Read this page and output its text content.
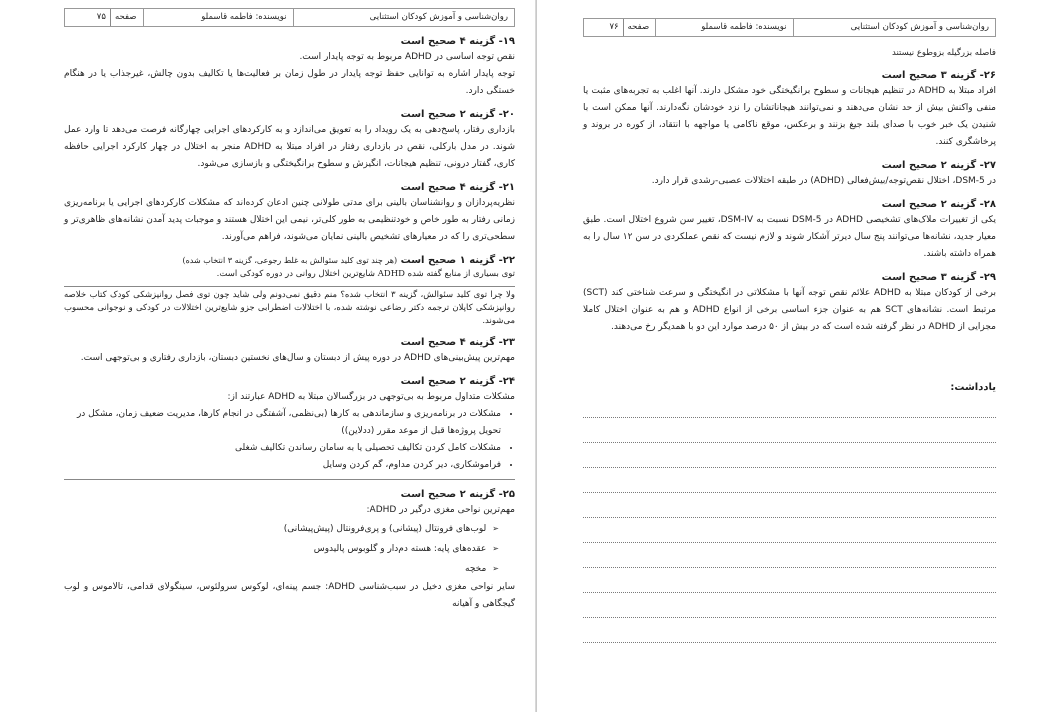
روان‌شناسی و آموزش کودکان استثنایی
نویسنده: فاطمه قاسملو
صفحه۷۵
۱۹- گزینه ۴ صحیح است
نقص توجه اساسی در ADHD مربوط به توجه پایدار است.
توجه پایدار اشاره به توانایی حفظ توجه پایدار در طول زمان بر فعالیت‌ها یا تکالیف بدون چالش، غیرجذاب یا در هنگام خستگی دارد.
۲۰- گزینه ۲ صحیح است
بازداری رفتار، پاسخ‌دهی به یک رویداد را به تعویق می‌اندازد و به کارکردهای اجرایی چهارگانه فرصت می‌دهد تا وارد عمل شوند. در مدل بارکلی، نقص در بازداری رفتار در افراد مبتلا به ADHD منجر به اختلال در چهار کارکرد اجرایی حافظه کاری، گفتار درونی، تنظیم هیجانات، انگیزش و سطوح برانگیختگی و بازسازی می‌شود.
۲۱- گزینه ۴ صحیح است
نظریه‌پردازان و روانشناسان بالینی برای مدتی طولانی چنین ادعان کرده‌اند که مشکلات کارکردهای اجرایی یا برنامه‌ریزی زمانی رفتار به طور خاص و خودتنظیمی به طور کلی‌تر، نیمی این اختلال هستند و موجبات پدید آمدن نشانه‌های ظاهری‌تر و سطحی‌تری را که در معیارهای تشخیص بالینی نمایان می‌شوند، فراهم می‌آورند.
۲۲- گزینه ۱ صحیح است (هر چند توی کلید سئوالش به غلط رجوعی، گزینه ۳ انتخاب شده)
توی بسیاری از منابع گفته شده ADHD شایع‌ترین اختلال روانی در دوره کودکی است.
ولا چرا توی کلید سئوالش، گزینه ۳ انتخاب شده؟ منم دقیق نمی‌دونم ولی شاید چون توی فصل روانپزشکی کودک کتاب خلاصه روانپزشکی کاپلان ترجمه دکتر رضاعی نوشته شده، با اختلالات اضطرابی جزو شایع‌ترین اختلالات در کودکی و نوجوانی محسوب می‌شوند.
۲۳- گزینه ۴ صحیح است
مهم‌ترین پیش‌بینی‌های ADHD در دوره پیش از دبستان و سال‌های نخستین دبستان، بازداری رفتاری و بی‌توجهی است.
۲۴- گزینه ۲ صحیح است
مشکلات متداول مربوط به بی‌توجهی در بزرگسالان مبتلا به ADHD عبارتند از:
• مشکلات در برنامه‌ریزی و سازماندهی به کارها (بی‌نظمی، آشفتگی در انجام کارها، مدیریت ضعیف زمان، مشکل در تحویل پروژه‌ها قبل از موعد مقرر (ددلاین))
• مشکلات کامل کردن تکالیف تحصیلی یا به سامان رساندن تکالیف شغلی
• فراموشکاری، دیر کردن مداوم، گم کردن وسایل
۲۵- گزینه ۲ صحیح است
مهم‌ترین نواحی مغزی درگیر در ADHD:
➢ لوب‌های فرونتال (پیشانی) و پری‌فرونتال (پیش‌پیشانی)
➢ عقده‌های پایه: هسته دم‌دار و گلوبوس پالیدوس
➢ مخچه
سایر نواحی مغزی دخیل در سبب‌شناسی ADHD: جسم پینه‌ای، لوکوس سرولئوس، سینگولای قدامی، تالاموس و لوب گیجگاهی و آهیانه
روان‌شناسی و آموزش کودکان استثنایی
نویسنده: فاطمه قاسملو
صفحه۷۶
فاصله بزرگیله بزوطوع نیستند
۲۶- گزینه ۳ صحیح است
افراد مبتلا به ADHD در تنظیم هیجانات و سطوح برانگیختگی خود مشکل دارند. آنها اغلب به تجربه‌های مثبت یا منفی واکنش بیش از حد نشان می‌دهند و نمی‌توانند هیجاناتشان را نزد خودشان نگه‌دارند. آنها ممکن است با شنیدن یک خبر خوب با صدای بلند جیغ بزنند و برعکس، موقع ناکامی یا مواجهه با انتقاد، از کوره در بروند و پرخاشگری کنند.
۲۷- گزینه ۲ صحیح است
در DSM-5، اختلال نقص‌توجه/بیش‌فعالی (ADHD) در طبقه اختلالات عصبی-رشدی قرار دارد.
۲۸- گزینه ۲ صحیح است
یکی از تغییرات ملاک‌های تشخیصی ADHD در DSM-5 نسبت به DSM-IV، تغییر سن شروع اختلال است. طبق معیار جدید، نشانه‌ها می‌توانند پنج سال دیرتر آشکار شوند و لازم نیست که نقص عملکردی در سن ۱۲ سال را به همراه داشته باشند.
۲۹- گزینه ۳ صحیح است
برخی از کودکان مبتلا به ADHD علائم نقص توجه آنها با مشکلاتی در انگیختگی و سرعت شناختی کند (SCT) مرتبط است. نشانه‌های SCT هم به عنوان جزء اساسی برخی از انواع ADHD و هم به عنوان اختلال کاملا مجزایی از ADHD در نظر گرفته شده است که در بیش از ۵۰ درصد موارد این دو با همدیگر رخ می‌دهند.
یادداشت:
